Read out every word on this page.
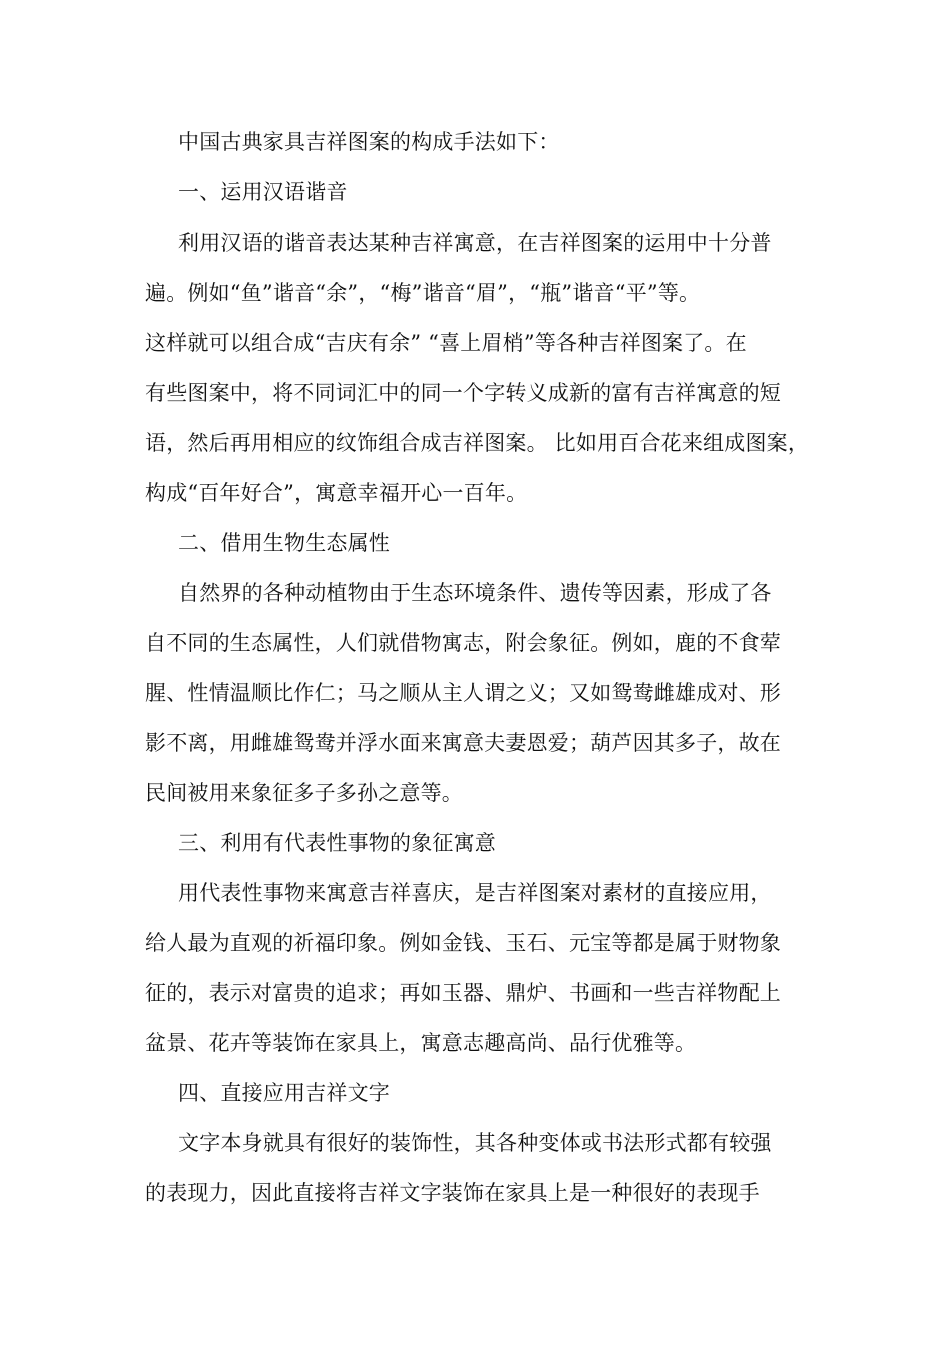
中国古典家具吉祥图案的构成手法如下：
一、运用汉语谐音
利用汉语的谐音表达某种吉祥寓意，在吉祥图案的运用中十分普
遍。例如“鱼”谐音“余”，“梅”谐音“眉”，“瓶”谐音“平”等。
这样就可以组合成“吉庆有余” “喜上眉梢”等各种吉祥图案了。在
有些图案中，将不同词汇中的同一个字转义成新的富有吉祥寓意的短
语，然后再用相应的纹饰组合成吉祥图案。 比如用百合花来组成图案，
构成“百年好合”，寓意幸福开心一百年。
二、借用生物生态属性
自然界的各种动植物由于生态环境条件、遗传等因素，形成了各
自不同的生态属性，人们就借物寓志，附会象征。例如，鹿的不食荤
腥、性情温顺比作仁；马之顺从主人谓之义；又如鸳鸯雌雄成对、形
影不离，用雌雄鸳鸯并浮水面来寓意夫妻恩爱；葫芦因其多子，故在
民间被用来象征多子多孙之意等。
三、利用有代表性事物的象征寓意
用代表性事物来寓意吉祥喜庆，是吉祥图案对素材的直接应用，
给人最为直观的祈福印象。例如金钱、玉石、元宝等都是属于财物象
征的，表示对富贵的追求；再如玉器、鼎炉、书画和一些吉祥物配上
盆景、花卉等装饰在家具上，寓意志趣高尚、品行优雅等。
四、直接应用吉祥文字
文字本身就具有很好的装饰性，其各种变体或书法形式都有较强
的表现力，因此直接将吉祥文字装饰在家具上是一种很好的表现手
